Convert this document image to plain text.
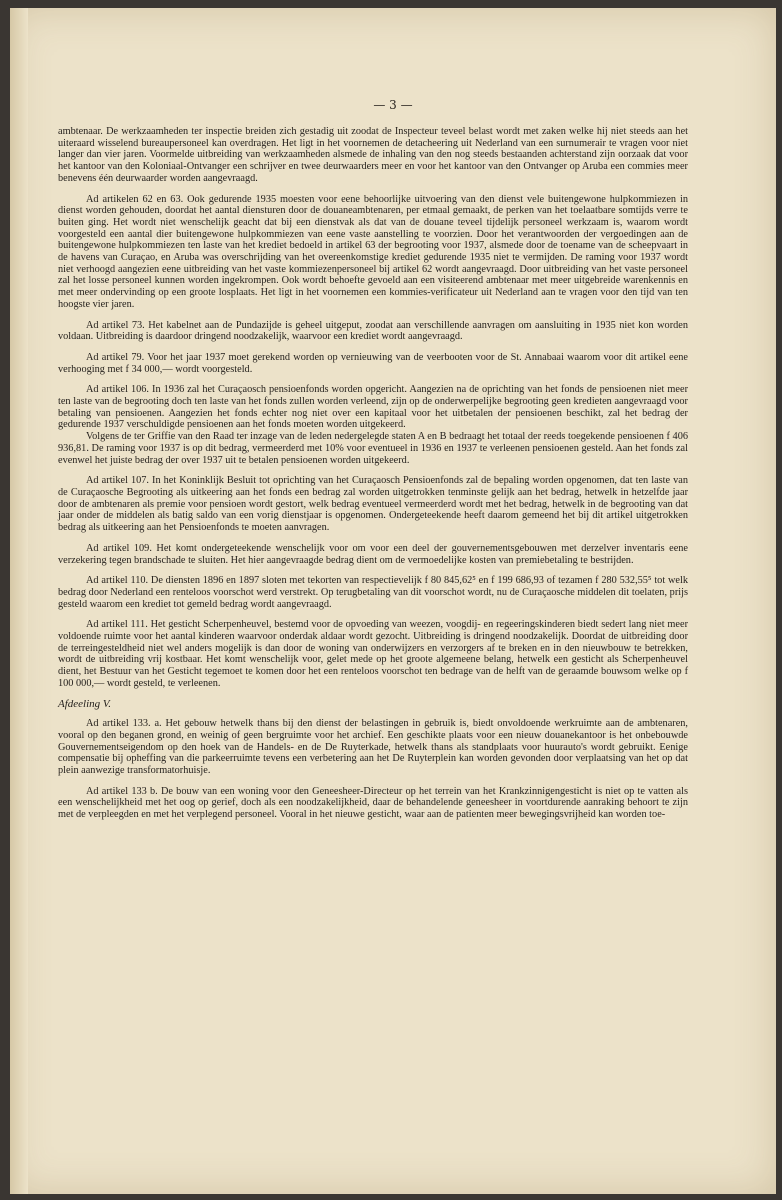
— 3 —

ambtenaar. De werkzaamheden ter inspectie breiden zich gestadig uit zoodat de Inspecteur teveel belast wordt met zaken welke hij niet steeds aan het uiteraard wisselend bureaupersoneel kan overdragen. Het ligt in het voornemen de detacheering uit Nederland van een surnumerair te vragen voor niet langer dan vier jaren. Voormelde uitbreiding van werkzaamheden alsmede de inhaling van den nog steeds bestaanden achterstand zijn oorzaak dat voor het kantoor van den Koloniaal-Ontvanger een schrijver en twee deurwaarders meer en voor het kantoor van den Ontvanger op Aruba een commies meer benevens één deurwaarder worden aangevraagd.

Ad artikelen 62 en 63. Ook gedurende 1935 moesten voor eene behoorlijke uitvoering van den dienst vele buitengewone hulpkommiezen in dienst worden gehouden, doordat het aantal diensturen door de douaneambtenaren, per etmaal gemaakt, de perken van het toelaatbare somtijds verre te buiten ging. Het wordt niet wenschelijk geacht dat bij een dienstvak als dat van de douane teveel tijdelijk personeel werkzaam is, waarom wordt voorgesteld een aantal dier buitengewone hulpkommiezen van eene vaste aanstelling te voorzien. Door het verantwoorden der vergoedingen aan de buitengewone hulpkommiezen ten laste van het krediet bedoeld in artikel 63 der begrooting voor 1937, alsmede door de toename van de scheepvaart in de havens van Curaçao, en Aruba was overschrijding van het overeenkomstige krediet gedurende 1935 niet te vermijden. De raming voor 1937 wordt niet verhoogd aangezien eene uitbreiding van het vaste kommiezenpersoneel bij artikel 62 wordt aangevraagd. Door uitbreiding van het vaste personeel zal het losse personeel kunnen worden ingekrompen. Ook wordt behoefte gevoeld aan een visiteerend ambtenaar met meer uitgebreide warenkennis en met meer ondervinding op een groote losplaats. Het ligt in het voornemen een kommies-verificateur uit Nederland aan te vragen voor den tijd van ten hoogste vier jaren.

Ad artikel 73. Het kabelnet aan de Pundazijde is geheel uitgeput, zoodat aan verschillende aanvragen om aansluiting in 1935 niet kon worden voldaan. Uitbreiding is daardoor dringend noodzakelijk, waarvoor een krediet wordt aangevraagd.

Ad artikel 79. Voor het jaar 1937 moet gerekend worden op vernieuwing van de veerbooten voor de St. Annabaai waarom voor dit artikel eene verhooging met f 34 000,— wordt voorgesteld.

Ad artikel 106. In 1936 zal het Curaçaosch pensioenfonds worden opgericht. Aangezien na de oprichting van het fonds de pensioenen niet meer ten laste van de begrooting doch ten laste van het fonds zullen worden verleend, zijn op de onderwerpelijke begrooting geen kredieten aangevraagd voor betaling van pensioenen. Aangezien het fonds echter nog niet over een kapitaal voor het uitbetalen der pensioenen beschikt, zal het bedrag der gedurende 1937 verschuldigde pensioenen aan het fonds moeten worden uitgekeerd.

Volgens de ter Griffie van den Raad ter inzage van de leden nedergelegde staten A en B bedraagt het totaal der reeds toegekende pensioenen f 406 936,81. De raming voor 1937 is op dit bedrag, vermeerderd met 10% voor eventueel in 1936 en 1937 te verleenen pensioenen gesteld. Aan het fonds zal evenwel het juiste bedrag der over 1937 uit te betalen pensioenen worden uitgekeerd.

Ad artikel 107. In het Koninklijk Besluit tot oprichting van het Curaçaosch Pensioenfonds zal de bepaling worden opgenomen, dat ten laste van de Curaçaosche Begrooting als uitkeering aan het fonds een bedrag zal worden uitgetrokken tenminste gelijk aan het bedrag, hetwelk in hetzelfde jaar door de ambtenaren als premie voor pensioen wordt gestort, welk bedrag eventueel vermeerderd wordt met het bedrag, hetwelk in de begrooting van dat jaar onder de middelen als batig saldo van een vorig dienstjaar is opgenomen. Ondergeteekende heeft daarom gemeend het bij dit artikel uitgetrokken bedrag als uitkeering aan het Pensioenfonds te moeten aanvragen.

Ad artikel 109. Het komt ondergeteekende wenschelijk voor om voor een deel der gouvernementsgebouwen met derzelver inventaris eene verzekering tegen brandschade te sluiten. Het hier aangevraagde bedrag dient om de vermoedelijke kosten van premiebetaling te bestrijden.

Ad artikel 110. De diensten 1896 en 1897 sloten met tekorten van respectievelijk f 80 845,62⁵ en f 199 686,93 of tezamen f 280 532,55⁵ tot welk bedrag door Nederland een renteloos voorschot werd verstrekt. Op terugbetaling van dit voorschot wordt, nu de Curaçaosche middelen dit toelaten, prijs gesteld waarom een krediet tot gemeld bedrag wordt aangevraagd.

Ad artikel 111. Het gesticht Scherpenheuvel, bestemd voor de opvoeding van weezen, voogdij- en regeeringskinderen biedt sedert lang niet meer voldoende ruimte voor het aantal kinderen waarvoor onderdak aldaar wordt gezocht. Uitbreiding is dringend noodzakelijk. Doordat de uitbreiding door de terreingesteldheid niet wel anders mogelijk is dan door de woning van onderwijzers en verzorgers af te breken en in den nieuwbouw te betrekken, wordt de uitbreiding vrij kostbaar. Het komt wenschelijk voor, gelet mede op het groote algemeene belang, hetwelk een gesticht als Scherpenheuvel dient, het Bestuur van het Gesticht tegemoet te komen door het een renteloos voorschot ten bedrage van de helft van de geraamde bouwsom welke op f 100 000,— wordt gesteld, te verleenen.

Afdeeling V.

Ad artikel 133. a. Het gebouw hetwelk thans bij den dienst der belastingen in gebruik is, biedt onvoldoende werkruimte aan de ambtenaren, vooral op den beganen grond, en weinig of geen bergruimte voor het archief. Een geschikte plaats voor een nieuw douanekantoor is het onbebouwde Gouvernementseigendom op den hoek van de Handels- en de De Ruyterkade, hetwelk thans als standplaats voor huurauto's wordt gebruikt. Eenige compensatie bij opheffing van die parkeerruimte tevens een verbetering aan het De Ruyterplein kan worden gevonden door verplaatsing van het op dat plein aanwezige transformatorhuisje.

Ad artikel 133 b. De bouw van een woning voor den Geneesheer-Directeur op het terrein van het Krankzinnigengesticht is niet op te vatten als een wenschelijkheid met het oog op gerief, doch als een noodzakelijkheid, daar de behandelende geneesheer in voortdurende aanraking behoort te zijn met de verpleegden en met het verplegend personeel. Vooral in het nieuwe gesticht, waar aan de patienten meer bewegingsvrijheid kan worden toe-
